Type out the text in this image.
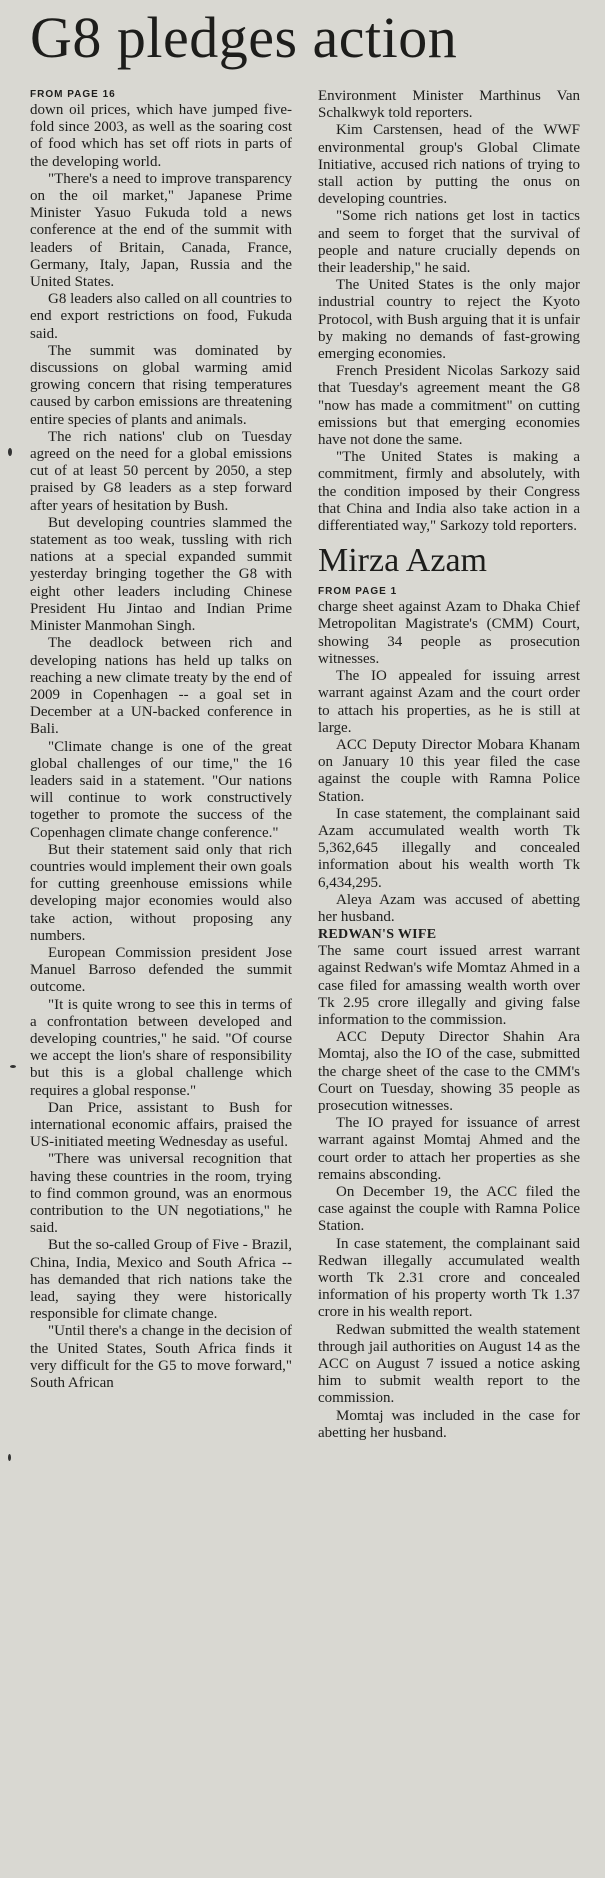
G8 pledges action

FROM PAGE 16

down oil prices, which have jumped five-fold since 2003, as well as the soaring cost of food which has set off riots in parts of the developing world.

"There's a need to improve transparency on the oil market," Japanese Prime Minister Yasuo Fukuda told a news conference at the end of the summit with leaders of Britain, Canada, France, Germany, Italy, Japan, Russia and the United States.

G8 leaders also called on all countries to end export restrictions on food, Fukuda said.

The summit was dominated by discussions on global warming amid growing concern that rising temperatures caused by carbon emissions are threatening entire species of plants and animals.

The rich nations' club on Tuesday agreed on the need for a global emissions cut of at least 50 percent by 2050, a step praised by G8 leaders as a step forward after years of hesitation by Bush.

But developing countries slammed the statement as too weak, tussling with rich nations at a special expanded summit yesterday bringing together the G8 with eight other leaders including Chinese President Hu Jintao and Indian Prime Minister Manmohan Singh.

The deadlock between rich and developing nations has held up talks on reaching a new climate treaty by the end of 2009 in Copenhagen -- a goal set in December at a UN-backed conference in Bali.

"Climate change is one of the great global challenges of our time," the 16 leaders said in a statement. "Our nations will continue to work constructively together to promote the success of the Copenhagen climate change conference."

But their statement said only that rich countries would implement their own goals for cutting greenhouse emissions while developing major economies would also take action, without proposing any numbers.

European Commission president Jose Manuel Barroso defended the summit outcome.

"It is quite wrong to see this in terms of a confrontation between developed and developing countries," he said. "Of course we accept the lion's share of responsibility but this is a global challenge which requires a global response."

Dan Price, assistant to Bush for international economic affairs, praised the US-initiated meeting Wednesday as useful.

"There was universal recognition that having these countries in the room, trying to find common ground, was an enormous contribution to the UN negotiations," he said.

But the so-called Group of Five - Brazil, China, India, Mexico and South Africa -- has demanded that rich nations take the lead, saying they were historically responsible for climate change.

"Until there's a change in the decision of the United States, South Africa finds it very difficult for the G5 to move forward," South African

Environment Minister Marthinus Van Schalkwyk told reporters.

Kim Carstensen, head of the WWF environmental group's Global Climate Initiative, accused rich nations of trying to stall action by putting the onus on developing countries.

"Some rich nations get lost in tactics and seem to forget that the survival of people and nature crucially depends on their leadership," he said.

The United States is the only major industrial country to reject the Kyoto Protocol, with Bush arguing that it is unfair by making no demands of fast-growing emerging economies.

French President Nicolas Sarkozy said that Tuesday's agreement meant the G8 "now has made a commitment" on cutting emissions but that emerging economies have not done the same.

"The United States is making a commitment, firmly and absolutely, with the condition imposed by their Congress that China and India also take action in a differentiated way," Sarkozy told reporters.

Mirza Azam

FROM PAGE 1

charge sheet against Azam to Dhaka Chief Metropolitan Magistrate's (CMM) Court, showing 34 people as prosecution witnesses.

The IO appealed for issuing arrest warrant against Azam and the court order to attach his properties, as he is still at large.

ACC Deputy Director Mobara Khanam on January 10 this year filed the case against the couple with Ramna Police Station.

In case statement, the complainant said Azam accumulated wealth worth Tk 5,362,645 illegally and concealed information about his wealth worth Tk 6,434,295.

Aleya Azam was accused of abetting her husband.

REDWAN'S WIFE

The same court issued arrest warrant against Redwan's wife Momtaz Ahmed in a case filed for amassing wealth worth over Tk 2.95 crore illegally and giving false information to the commission.

ACC Deputy Director Shahin Ara Momtaj, also the IO of the case, submitted the charge sheet of the case to the CMM's Court on Tuesday, showing 35 people as prosecution witnesses.

The IO prayed for issuance of arrest warrant against Momtaj Ahmed and the court order to attach her properties as she remains absconding.

On December 19, the ACC filed the case against the couple with Ramna Police Station.

In case statement, the complainant said Redwan illegally accumulated wealth worth Tk 2.31 crore and concealed information of his property worth Tk 1.37 crore in his wealth report.

Redwan submitted the wealth statement through jail authorities on August 14 as the ACC on August 7 issued a notice asking him to submit wealth report to the commission.

Momtaj was included in the case for abetting her husband.
